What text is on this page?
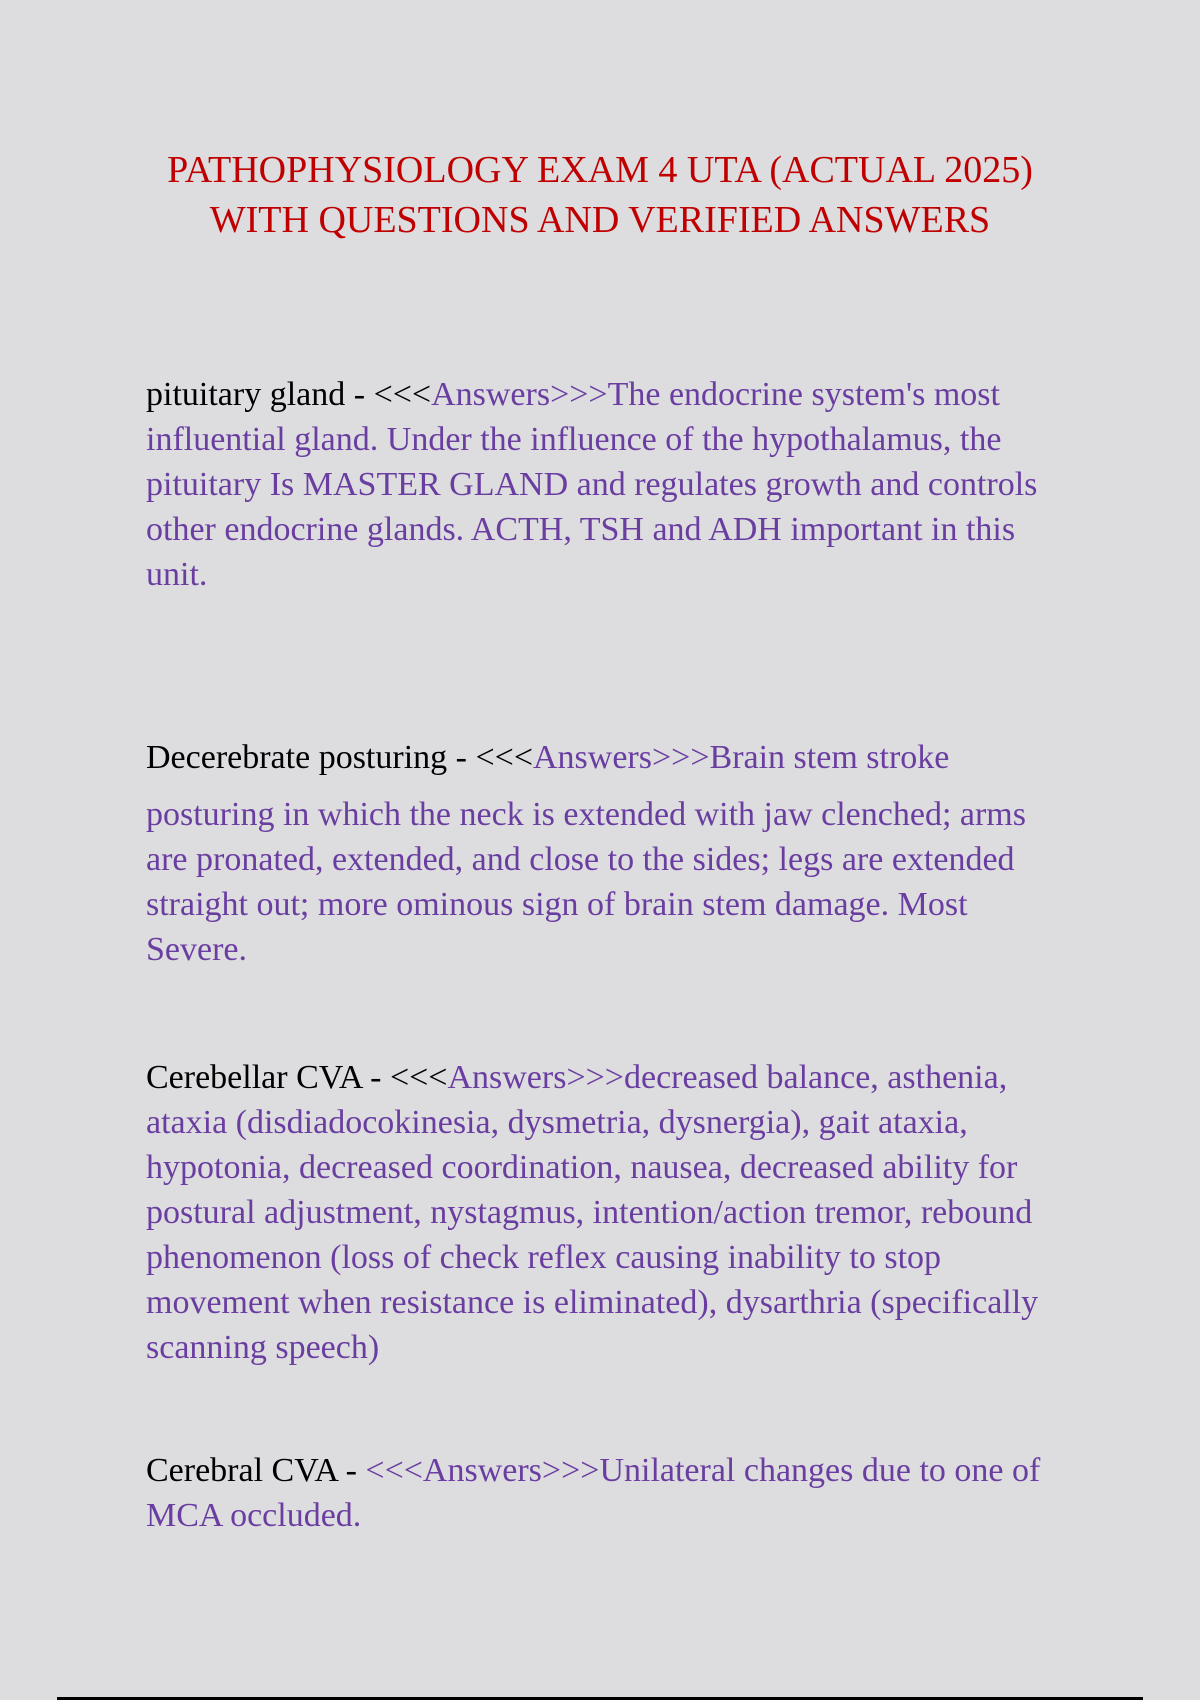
PATHOPHYSIOLOGY EXAM 4 UTA (ACTUAL 2025) WITH QUESTIONS AND VERIFIED ANSWERS
pituitary gland - <<<Answers>>>The endocrine system's most influential gland. Under the influence of the hypothalamus, the pituitary Is MASTER GLAND and regulates growth and controls other endocrine glands. ACTH, TSH and ADH important in this unit.
Decerebrate posturing - <<<Answers>>>Brain stem stroke
posturing in which the neck is extended with jaw clenched; arms are pronated, extended, and close to the sides; legs are extended straight out; more ominous sign of brain stem damage. Most Severe.
Cerebellar CVA - <<<Answers>>>decreased balance, asthenia, ataxia (disdiadocokinesia, dysmetria, dysnergia), gait ataxia, hypotonia, decreased coordination, nausea, decreased ability for postural adjustment, nystagmus, intention/action tremor, rebound phenomenon (loss of check reflex causing inability to stop movement when resistance is eliminated), dysarthria (specifically scanning speech)
Cerebral CVA - <<<Answers>>>Unilateral changes due to one of MCA occluded.
